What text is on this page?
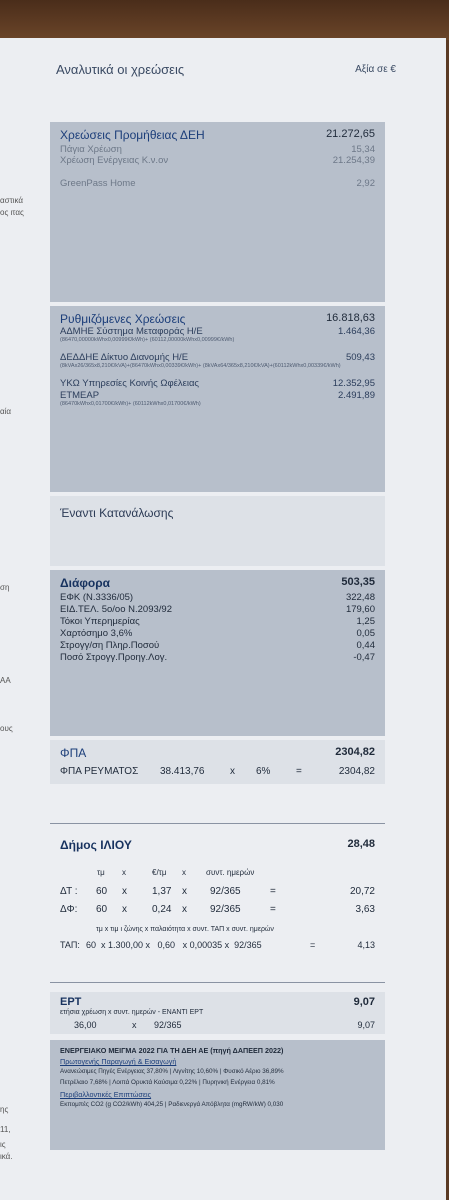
αστικά
ος ιτας
αία
ση
ΑΑ
ους
ης
11,
ις
ικά.
Αναλυτικά οι χρεώσεις	Αξία σε €
Χρεώσεις Προμήθειας ΔΕΗ	21.272,65
Πάγια Χρέωση	15,34
Χρέωση Ενέργειας Κ.ν.ον	21.254,39
GreenPass Home	2,92
Ρυθμιζόμενες Χρεώσεις	16.818,63
ΑΔΜΗΕ Σύστημα Μεταφοράς Η/Ε	1.464,36
(86470,00000kWhx0,00999€/kWh)+ (60112,00000kWhx0,00999€/kWh)
ΔΕΔΔΗΕ Δίκτυο Διανομής Η/Ε	509,43
(8kVAx26/365x8,210€/kVA)+(86470kWhx0,00339€/kWh)+ (8kVAx64/365x8,210€/kVA)+(60112kWhx0,00339€/kWh)
ΥΚΩ Υπηρεσίες Κοινής Ωφέλειας	12.352,95
ΕΤΜΕΑΡ	2.491,89
(86470kWhx0,01700€/kWh)+ (60112kWhx0,01700€/kWh)
Έναντι Κατανάλωσης
Διάφορα	503,35
ΕΦΚ (Ν.3336/05)	322,48
ΕΙΔ.ΤΕΛ. 5ο/οο Ν.2093/92	179,60
Τόκοι Υπερημερίας	1,25
Χαρτόσημο 3,6%	0,05
Στρογγ/ση Πληρ.Ποσού	0,44
Ποσό Στρογγ.Προηγ.Λογ.	-0,47
ΦΠΑ	2304,82
ΦΠΑ ΡΕΥΜΑΤΟΣ 38.413,76	x 6%	=	2304,82
Δήμος ΙΛΙΟΥ	28,48
τμ x	€/τμ x	συντ. ημερών
ΔΤ : 60 x	1,37 x 92/365	=	20,72
ΔΦ: 60 x	0,24 x 92/365	=	3,63
τμ x τιμ ι ζώνης x παλαιότητα x συντ. ΤΑΠ x συντ. ημερών
ΤΑΠ: 60  x 1.300,00 x   0,60   x 0,00035 x  92/365	=	4,13
ΕΡΤ	9,07
ετήσια χρέωση x συντ. ημερών - ΕΝΑΝΤΙ ΕΡΤ
36,00	x 92/365	9,07
ΕΝΕΡΓΕΙΑΚΟ ΜΕΙΓΜΑ 2022 ΓΙΑ ΤΗ ΔΕΗ ΑΕ (πηγή ΔΑΠΕΕΠ 2022)
Πρωτογενής Παραγωγή & Εισαγωγή
Ανανεώσιμες Πηγές Ενέργειας 37,80% | Λιγνίτης 10,60% | Φυσικό Αέριο 36,89%
Πετρέλαιο 7,68% | Λοιπά Ορυκτά Καύσιμα 0,22% | Πυρηνική Ενέργεια 0,81%
Περιβαλλοντικές Επιπτώσεις
Εκπομπές CO2 (g CO2/kWh) 404,25 | Ραδιενεργά Απόβλητα (mgRW/kW) 0,030
